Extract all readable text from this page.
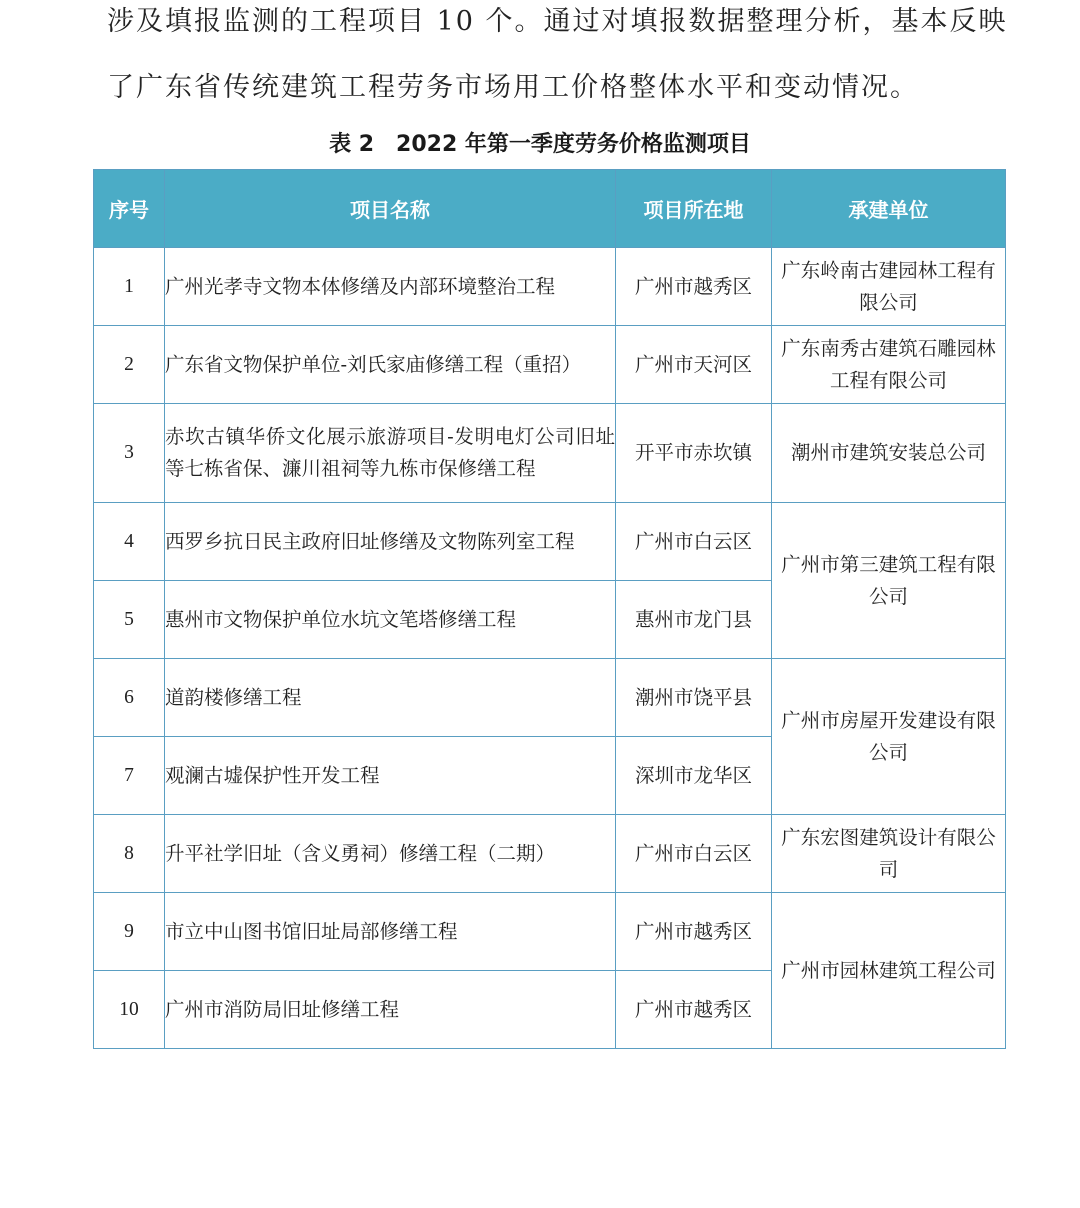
涉及填报监测的工程项目 10 个。通过对填报数据整理分析，基本反映
了广东省传统建筑工程劳务市场用工价格整体水平和变动情况。
表 2 2022 年第一季度劳务价格监测项目
序号	项目名称	项目所在地	承建单位
1	广州光孝寺文物本体修缮及内部环境整治工程	广州市越秀区	广东岭南古建园林工程有限公司
2	广东省文物保护单位-刘氏家庙修缮工程（重招）	广州市天河区	广东南秀古建筑石雕园林工程有限公司
3	赤坎古镇华侨文化展示旅游项目-发明电灯公司旧址等七栋省保、濂川祖祠等九栋市保修缮工程	开平市赤坎镇	潮州市建筑安装总公司
4	西罗乡抗日民主政府旧址修缮及文物陈列室工程	广州市白云区	广州市第三建筑工程有限公司
5	惠州市文物保护单位水坑文笔塔修缮工程	惠州市龙门县	
6	道韵楼修缮工程	潮州市饶平县	广州市房屋开发建设有限公司
7	观澜古墟保护性开发工程	深圳市龙华区	
8	升平社学旧址（含义勇祠）修缮工程（二期）	广州市白云区	广东宏图建筑设计有限公司
9	市立中山图书馆旧址局部修缮工程	广州市越秀区	广州市园林建筑工程公司
10	广州市消防局旧址修缮工程	广州市越秀区	
